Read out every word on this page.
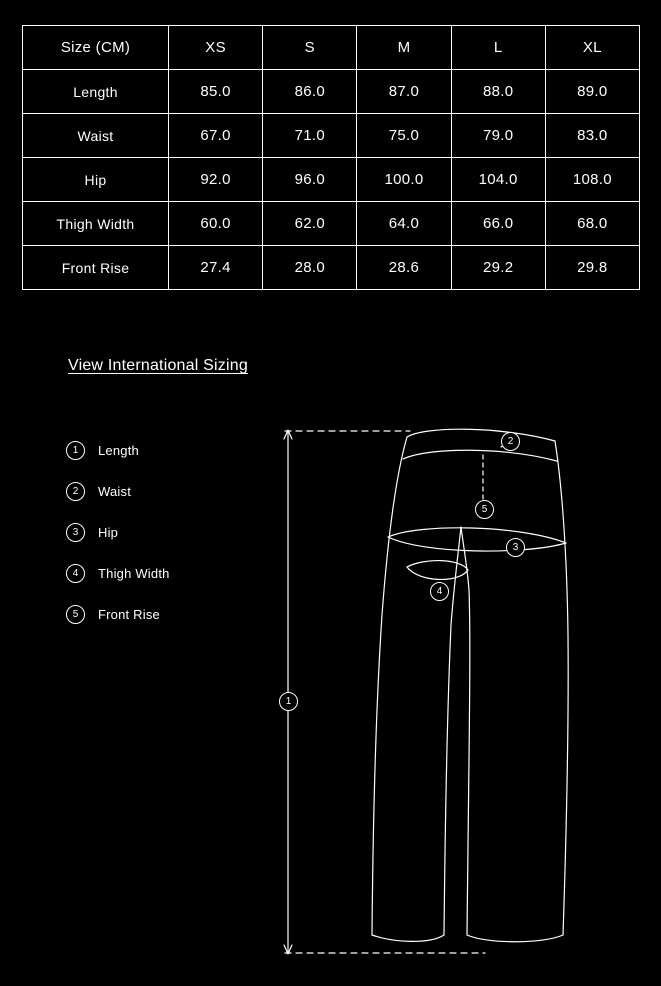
Size (CM)	XS	S	M	L	XL
Length	85.0	86.0	87.0	88.0	89.0
Waist	67.0	71.0	75.0	79.0	83.0
Hip	92.0	96.0	100.0	104.0	108.0
Thigh Width	60.0	62.0	64.0	66.0	68.0
Front Rise	27.4	28.0	28.6	29.2	29.8
View International Sizing
1	Length
2	Waist
3	Hip
4	Thigh Width
5	Front Rise
2
5
3
4
1
